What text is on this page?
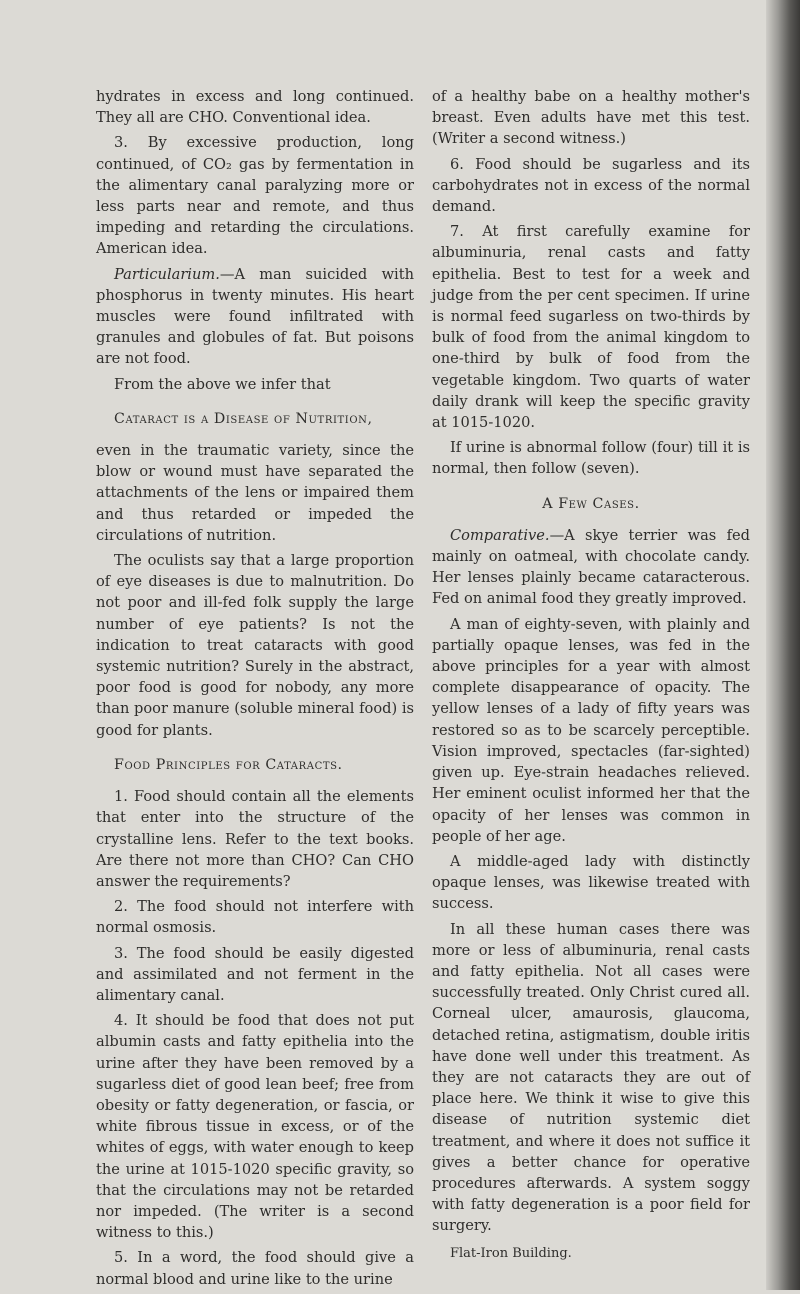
hydrates in excess and long continued. They all are CHO. Conventional idea.

3. By excessive production, long continued, of CO₂ gas by fermentation in the alimentary canal paralyzing more or less parts near and remote, and thus impeding and retarding the circulations. American idea.

Particularium.—A man suicided with phosphorus in twenty minutes. His heart muscles were found infiltrated with granules and globules of fat. But poisons are not food.

From the above we infer that

Cataract is a Disease of Nutrition,

even in the traumatic variety, since the blow or wound must have separated the attachments of the lens or impaired them and thus retarded or impeded the circulations of nutrition.

The oculists say that a large proportion of eye diseases is due to malnutrition. Do not poor and ill-fed folk supply the large number of eye patients? Is not the indication to treat cataracts with good systemic nutrition? Surely in the abstract, poor food is good for nobody, any more than poor manure (soluble mineral food) is good for plants.

Food Principles for Cataracts.

1. Food should contain all the elements that enter into the structure of the crystalline lens. Refer to the text books. Are there not more than CHO? Can CHO answer the requirements?

2. The food should not interfere with normal osmosis.

3. The food should be easily digested and assimilated and not ferment in the alimentary canal.

4. It should be food that does not put albumin casts and fatty epithelia into the urine after they have been removed by a sugarless diet of good lean beef; free from obesity or fatty degeneration, or fascia, or white fibrous tissue in excess, or of the whites of eggs, with water enough to keep the urine at 1015-1020 specific gravity, so that the circulations may not be retarded nor impeded. (The writer is a second witness to this.)

5. In a word, the food should give a normal blood and urine like to the urine

of a healthy babe on a healthy mother's breast. Even adults have met this test. (Writer a second witness.)

6. Food should be sugarless and its carbohydrates not in excess of the normal demand.

7. At first carefully examine for albuminuria, renal casts and fatty epithelia. Best to test for a week and judge from the per cent specimen. If urine is normal feed sugarless on two-thirds by bulk of food from the animal kingdom to one-third by bulk of food from the vegetable kingdom. Two quarts of water daily drank will keep the specific gravity at 1015-1020.

If urine is abnormal follow (four) till it is normal, then follow (seven).

A Few Cases.

Comparative.—A skye terrier was fed mainly on oatmeal, with chocolate candy. Her lenses plainly became cataracterous. Fed on animal food they greatly improved.

A man of eighty-seven, with plainly and partially opaque lenses, was fed in the above principles for a year with almost complete disappearance of opacity. The yellow lenses of a lady of fifty years was restored so as to be scarcely perceptible. Vision improved, spectacles (far-sighted) given up. Eye-strain headaches relieved. Her eminent oculist informed her that the opacity of her lenses was common in people of her age.

A middle-aged lady with distinctly opaque lenses, was likewise treated with success.

In all these human cases there was more or less of albuminuria, renal casts and fatty epithelia. Not all cases were successfully treated. Only Christ cured all. Corneal ulcer, amaurosis, glaucoma, detached retina, astigmatism, double iritis have done well under this treatment. As they are not cataracts they are out of place here. We think it wise to give this disease of nutrition systemic diet treatment, and where it does not suffice it gives a better chance for operative procedures afterwards. A system soggy with fatty degeneration is a poor field for surgery.

Flat-Iron Building.
